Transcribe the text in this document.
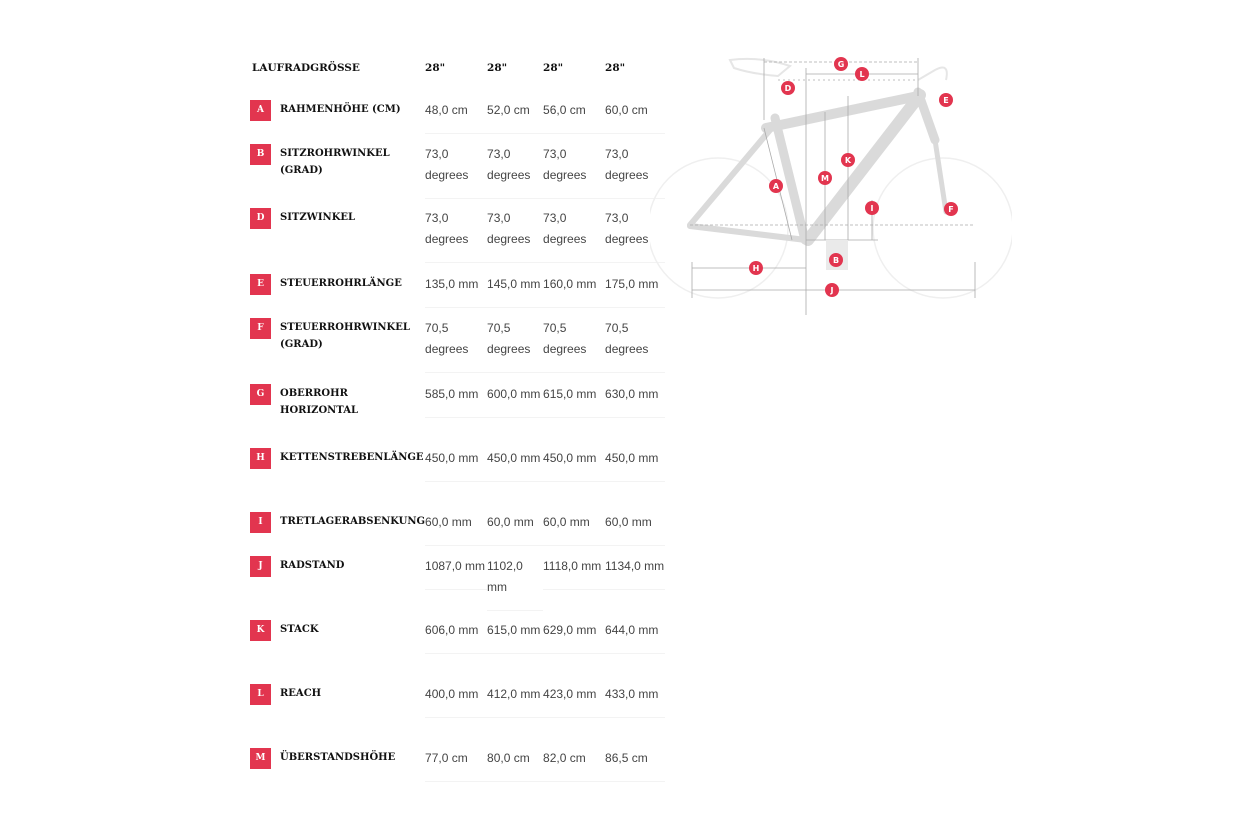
LAUFRADGRÖSSE	28"	28"	28"	28"

A RAHMENHÖHE (CM)	48,0 cm	52,0 cm	56,0 cm	60,0 cm

B SITZROHRWINKEL (GRAD)	73,0 degrees	73,0 degrees	73,0 degrees	73,0 degrees

D SITZWINKEL	73,0 degrees	73,0 degrees	73,0 degrees	73,0 degrees

E STEUERROHRLÄNGE	135,0 mm	145,0 mm	160,0 mm	175,0 mm

F STEUERROHRWINKEL (GRAD)	70,5 degrees	70,5 degrees	70,5 degrees	70,5 degrees

G OBERROHR HORIZONTAL	585,0 mm	600,0 mm	615,0 mm	630,0 mm

H KETTENSTREBENLÄNGE	450,0 mm	450,0 mm	450,0 mm	450,0 mm

I TRETLAGERABSENKUNG	60,0 mm	60,0 mm	60,0 mm	60,0 mm

J RADSTAND	1087,0 mm	1102,0 mm	1118,0 mm	1134,0 mm

K STACK	606,0 mm	615,0 mm	629,0 mm	644,0 mm

L REACH	400,0 mm	412,0 mm	423,0 mm	433,0 mm

M ÜBERSTANDSHÖHE	77,0 cm	80,0 cm	82,0 cm	86,5 cm
G
L
D
E
K
M
A
I	F
B
H
J
